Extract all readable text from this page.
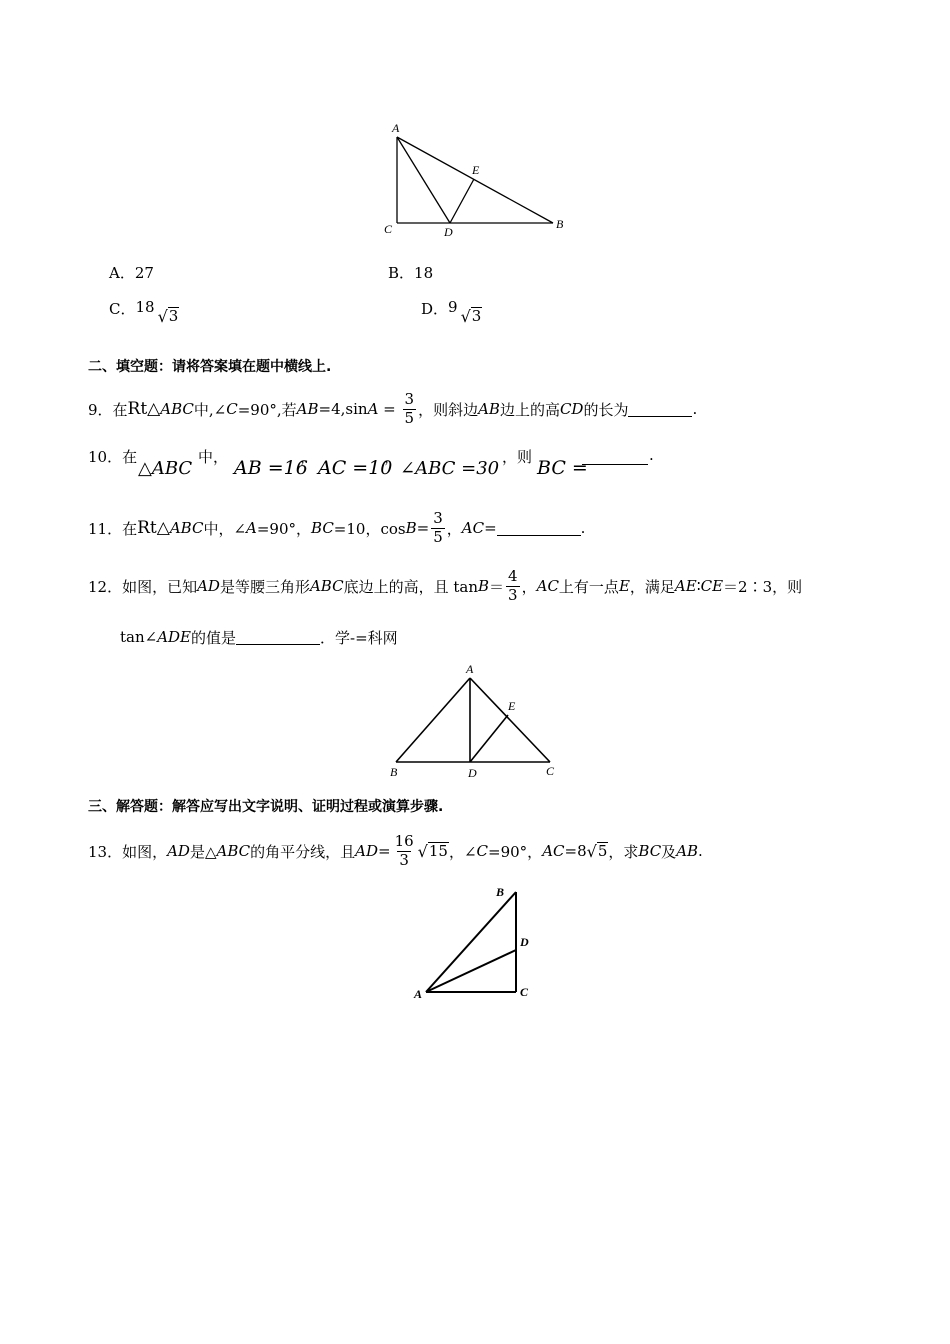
A
B
C	D
E
A．27	B．18
C． 18 √ 3	D． 9 √ 3
二、填空题：请将答案填在题中横线上.
9．在 Rt△ ABC 中,∠ C =90°,若 AB =4,sin $A = \frac{3}{5}$ ，则斜边 AB 边上的高 CD 的长为	.
10．在
△ABC
中， AB =16
， AC =10
，
∠ABC =30
，则 BC =
.
11．在 Rt△ ABC 中，∠ A =90°， BC =10，$\cos B = \frac{3}{5}$ ， AC =	.
12．如图，已知 AD 是等腰三角形 ABC 底边上的高，且 $\tan B = \frac{4}{3}$ ， AC 上有一点 E ，满足 AE ∶ CE ＝2∶3，则
tan∠ ADE 的值是	．学-=科网
A
B	C
D
E
三、解答题：解答应写出文字说明、证明过程或演算步骤.
13．如图， AD 是△ ABC 的角平分线，且 AD = $\frac{16}{3}$ √ 15 ，∠ C =90°， AC =8 √ 5 ，求 BC 及 AB .
B
D
A	C
